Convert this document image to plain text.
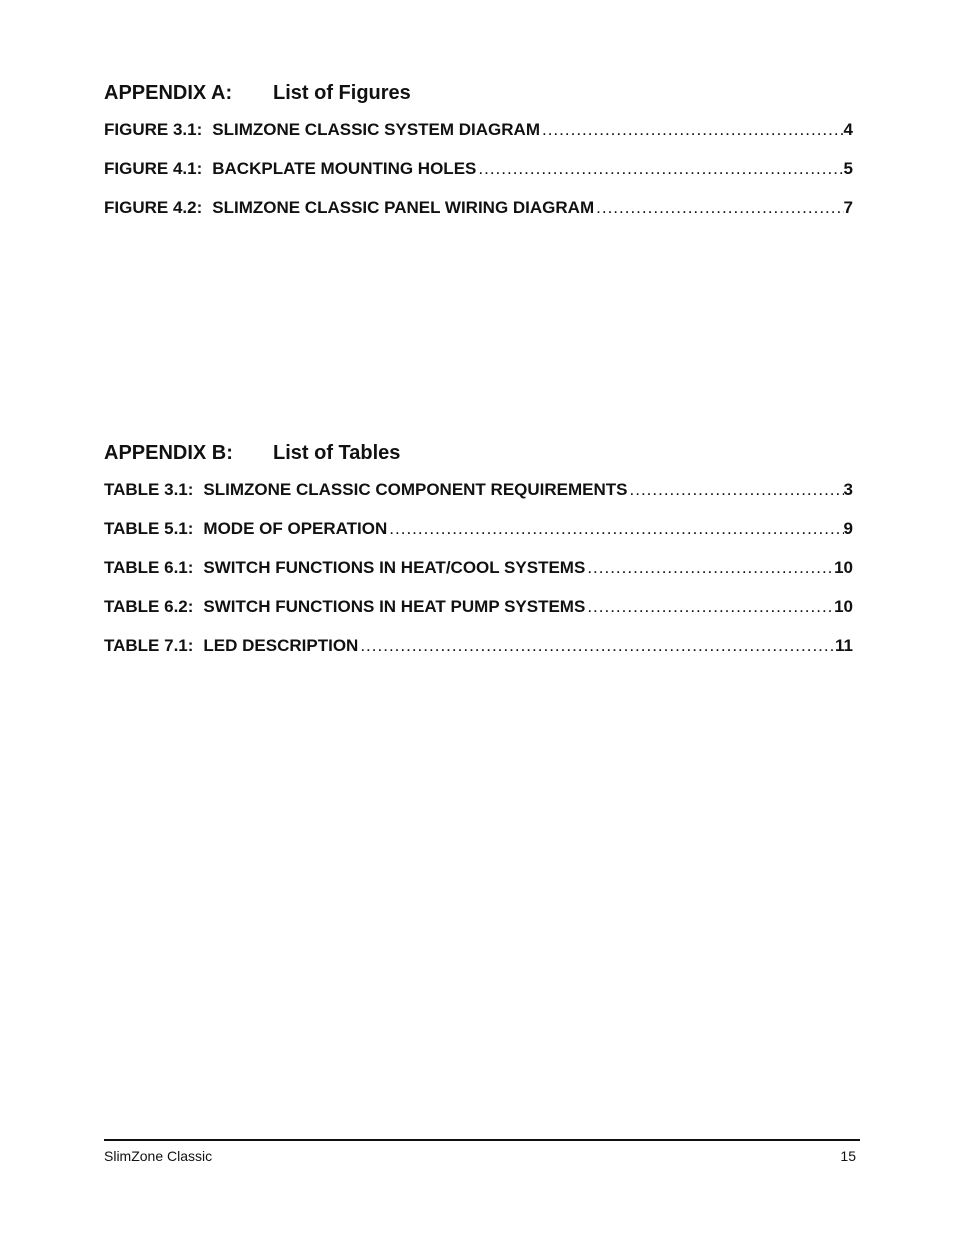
APPENDIX A: List of Figures
FIGURE 3.1: SLIMZONE CLASSIC SYSTEM DIAGRAM .....	4
FIGURE 4.1: BACKPLATE MOUNTING HOLES .....	5
FIGURE 4.2: SLIMZONE CLASSIC PANEL WIRING DIAGRAM .....	7
APPENDIX B: List of Tables
TABLE 3.1: SLIMZONE CLASSIC COMPONENT REQUIREMENTS .....	3
TABLE 5.1: MODE OF OPERATION .....	9
TABLE 6.1: SWITCH FUNCTIONS IN HEAT/COOL SYSTEMS .....	10
TABLE 6.2: SWITCH FUNCTIONS IN HEAT PUMP SYSTEMS .....	10
TABLE 7.1: LED DESCRIPTION .....	11
SlimZone Classic	15
